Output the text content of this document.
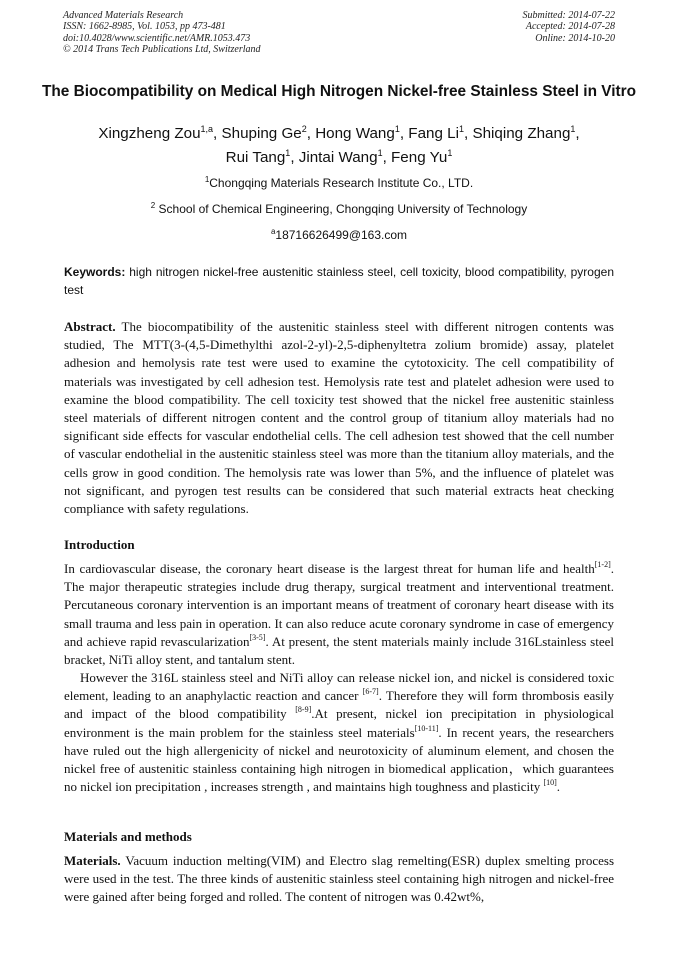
Advanced Materials Research
ISSN: 1662-8985, Vol. 1053, pp 473-481
doi:10.4028/www.scientific.net/AMR.1053.473
© 2014 Trans Tech Publications Ltd, Switzerland
Submitted: 2014-07-22
Accepted: 2014-07-28
Online: 2014-10-20
The Biocompatibility on Medical High Nitrogen Nickel-free Stainless Steel in Vitro
Xingzheng Zou$^{1,a}$, Shuping Ge$^2$, Hong Wang$^1$, Fang Li$^1$, Shiqing Zhang$^1$,
Rui Tang$^1$, Jintai Wang$^1$, Feng Yu$^1$
$^1$Chongqing Materials Research Institute Co., LTD.
$^2$ School of Chemical Engineering, Chongqing University of Technology
$^a$18716626499@163.com
Keywords: high nitrogen nickel-free austenitic stainless steel, cell toxicity, blood compatibility, pyrogen test

Abstract. The biocompatibility of the austenitic stainless steel with different nitrogen contents was studied, The MTT(3-(4,5-Dimethylthi azol-2-yl)-2,5-diphenyltetra zolium bromide) assay, platelet adhesion and hemolysis rate test were used to examine the cytotoxicity. The cell compatibility of materials was investigated by cell adhesion test. Hemolysis rate test and platelet adhesion were used to examine the blood compatibility. The cell toxicity test showed that the nickel free austenitic stainless steel materials of different nitrogen content and the control group of titanium alloy materials had no significant side effects for vascular endothelial cells. The cell adhesion test showed that the cell number of vascular endothelial in the austenitic stainless steel was more than the titanium alloy materials, and the cells grow in good condition. The hemolysis rate was lower than 5%, and the influence of platelet was not significant, and pyrogen test results can be considered that such material extracts heat checking compliance with safety regulations.

Introduction

In cardiovascular disease, the coronary heart disease is the largest threat for human life and health[1-2]. The major therapeutic strategies include drug therapy, surgical treatment and interventional treatment. Percutaneous coronary intervention is an important means of treatment of coronary heart disease with its small trauma and less pain in operation. It can also reduce acute coronary syndrome in case of emergency and achieve rapid revascularization[3-5]. At present, the stent materials mainly include 316Lstainless steel bracket, NiTi alloy stent, and tantalum stent.

However the 316L stainless steel and NiTi alloy can release nickel ion, and nickel is considered toxic element, leading to an anaphylactic reaction and cancer [6-7]. Therefore they will form thrombosis easily and impact of the blood compatibility [8-9].At present, nickel ion precipitation in physiological environment is the main problem for the stainless steel materials[10-11]. In recent years, the researchers have ruled out the high allergenicity of nickel and neurotoxicity of aluminum element, and chosen the nickel free of austenitic stainless containing high nitrogen in biomedical application，which guarantees no nickel ion precipitation , increases strength , and maintains high toughness and plasticity [10].

Materials and methods

Materials. Vacuum induction melting(VIM) and Electro slag remelting(ESR) duplex smelting process were used in the test. The three kinds of austenitic stainless steel containing high nitrogen and nickel-free were gained after being forged and rolled. The content of nitrogen was 0.42wt%,
